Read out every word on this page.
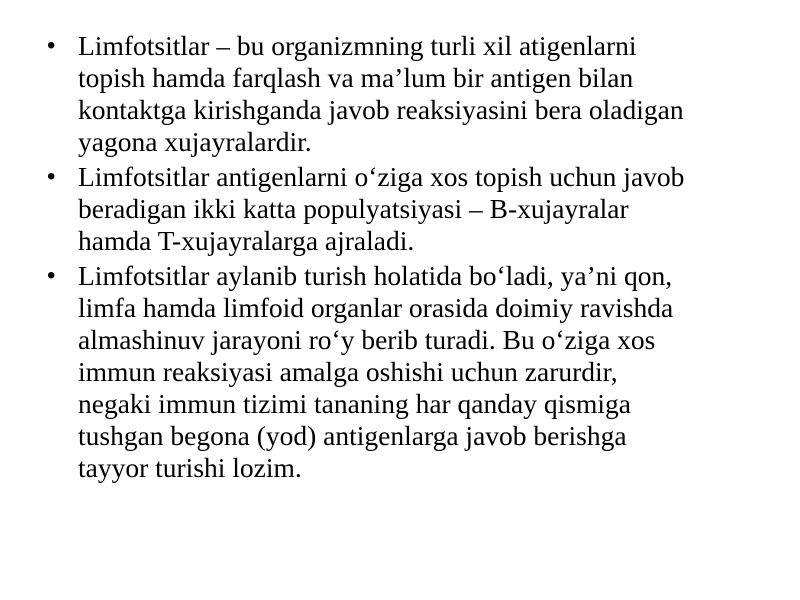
• Limfotsitlar – bu organizmning turli xil atigenlarni
topish hamda farqlash va ma’lum bir antigen bilan
kontaktga kirishganda javob reaksiyasini bera oladigan
yagona xujayralardir.
• Limfotsitlar antigenlarni o‘ziga xos topish uchun javob
beradigan ikki katta populyatsiyasi – B-xujayralar
hamda T-xujayralarga ajraladi.
• Limfotsitlar aylanib turish holatida bo‘ladi, ya’ni qon,
limfa hamda limfoid organlar orasida doimiy ravishda
almashinuv jarayoni ro‘y berib turadi. Bu o‘ziga xos
immun reaksiyasi amalga oshishi uchun zarurdir,
negaki immun tizimi tananing har qanday qismiga
tushgan begona (yod) antigenlarga javob berishga
tayyor turishi lozim.
